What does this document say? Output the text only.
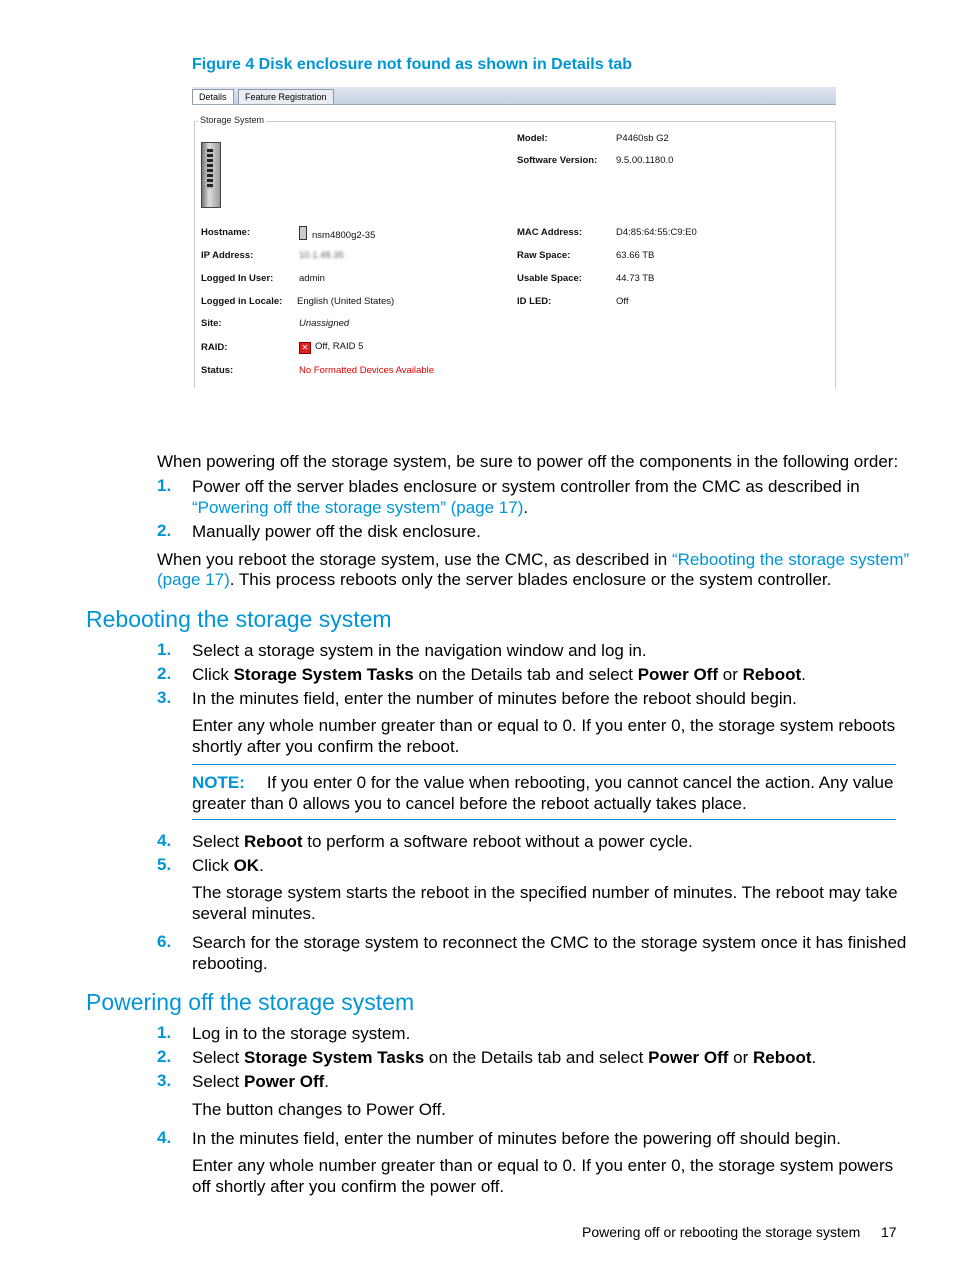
Figure 4 Disk enclosure not found as shown in Details tab
Details	Feature Registration
Storage System
Model:	P4460sb G2
Software Version: 9.5.00.1180.0
Hostname:	nsm4800g2-35
IP Address:	10.1.48.35
Logged In User:	admin
Logged in Locale: English (United States)
Site:	Unassigned
RAID:	✕ Off, RAID 5
Status:	No Formatted Devices Available
MAC Address:	D4:85:64:55:C9:E0
Raw Space:	63.66 TB
Usable Space:	44.73 TB
ID LED:	Off
When powering off the storage system, be sure to power off the components in the following order:
1. Power off the server blades enclosure or system controller from the CMC as described in
“Powering off the storage system” (page 17).
2. Manually power off the disk enclosure.
When you reboot the storage system, use the CMC, as described in “Rebooting the storage system”
(page 17). This process reboots only the server blades enclosure or the system controller.
Rebooting the storage system
1. Select a storage system in the navigation window and log in.
2. Click Storage System Tasks on the Details tab and select Power Off or Reboot.
3. In the minutes field, enter the number of minutes before the reboot should begin.
Enter any whole number greater than or equal to 0. If you enter 0, the storage system reboots
shortly after you confirm the reboot.
NOTE: If you enter 0 for the value when rebooting, you cannot cancel the action. Any value
greater than 0 allows you to cancel before the reboot actually takes place.
4. Select Reboot to perform a software reboot without a power cycle.
5. Click OK.
The storage system starts the reboot in the specified number of minutes. The reboot may take
several minutes.
6. Search for the storage system to reconnect the CMC to the storage system once it has finished
rebooting.
Powering off the storage system
1. Log in to the storage system.
2. Select Storage System Tasks on the Details tab and select Power Off or Reboot.
3. Select Power Off.
The button changes to Power Off.
4. In the minutes field, enter the number of minutes before the powering off should begin.
Enter any whole number greater than or equal to 0. If you enter 0, the storage system powers
off shortly after you confirm the power off.
Powering off or rebooting the storage system 17
